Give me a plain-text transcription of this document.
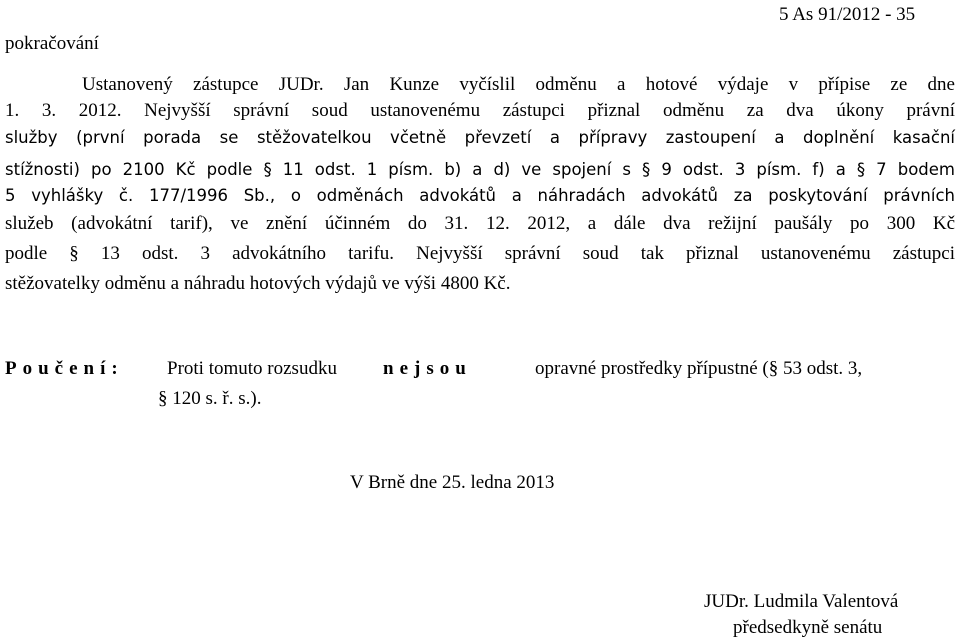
pokračování
5 As 91/2012 - 35
Ustanovený zástupce JUDr. Jan Kunze vyčíslil odměnu a hotové výdaje v přípise ze dne
1. 3. 2012. Nejvyšší správní soud ustanovenému zástupci přiznal odměnu za dva úkony právní
služby (první porada se stěžovatelkou včetně převzetí a přípravy zastoupení a doplnění kasační
stížnosti) po 2100 Kč podle § 11 odst. 1 písm. b) a d) ve spojení s § 9 odst. 3 písm. f) a § 7 bodem
5 vyhlášky č. 177/1996 Sb., o odměnách advokátů a náhradách advokátů za poskytování právních
služeb (advokátní tarif), ve znění účinném do 31. 12. 2012, a dále dva režijní paušály po 300 Kč
podle § 13 odst. 3 advokátního tarifu. Nejvyšší správní soud tak přiznal ustanovenému zástupci
stěžovatelky odměnu a náhradu hotových výdajů ve výši 4800 Kč.
Poučení: Proti tomuto rozsudku nejsou	opravné prostředky přípustné (§ 53 odst. 3,
§ 120 s. ř. s.).
V Brně dne 25. ledna 2013
JUDr. Ludmila Valentová
předsedkyně senátu
